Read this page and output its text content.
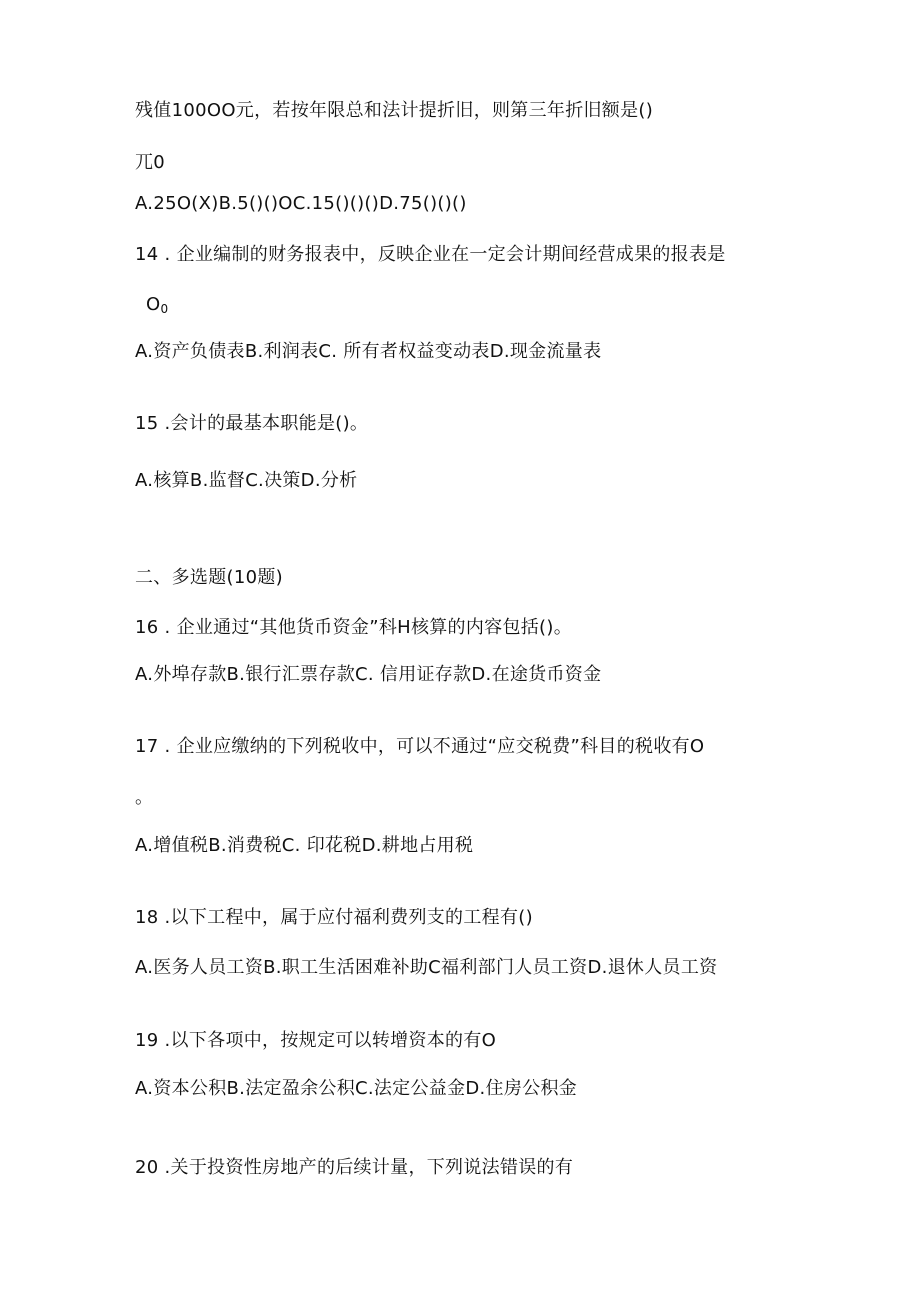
残值100OO元，若按年限总和法计提折旧，则第三年折旧额是()
兀0
A.25O(X)B.5()()OC.15()()()D.75()()()
14 . 企业编制的财务报表中，反映企业在一定会计期间经营成果的报表是
O0
A.资产负债表B.利润表C. 所有者权益变动表D.现金流量表
15 .会计的最基本职能是()。
A.核算B.监督C.决策D.分析
二、多选题(10题)
16 . 企业通过“其他货币资金”科H核算的内容包括()。
A.外埠存款B.银行汇票存款C. 信用证存款D.在途货币资金
17 . 企业应缴纳的下列税收中，可以不通过“应交税费”科目的税收有O
。
A.增值税B.消费税C. 印花税D.耕地占用税
18 .以下工程中，属于应付福利费列支的工程有()
A.医务人员工资B.职工生活困难补助C福利部门人员工资D.退休人员工资
19 .以下各项中，按规定可以转增资本的有O
A.资本公积B.法定盈余公积C.法定公益金D.住房公积金
20 .关于投资性房地产的后续计量，下列说法错误的有
